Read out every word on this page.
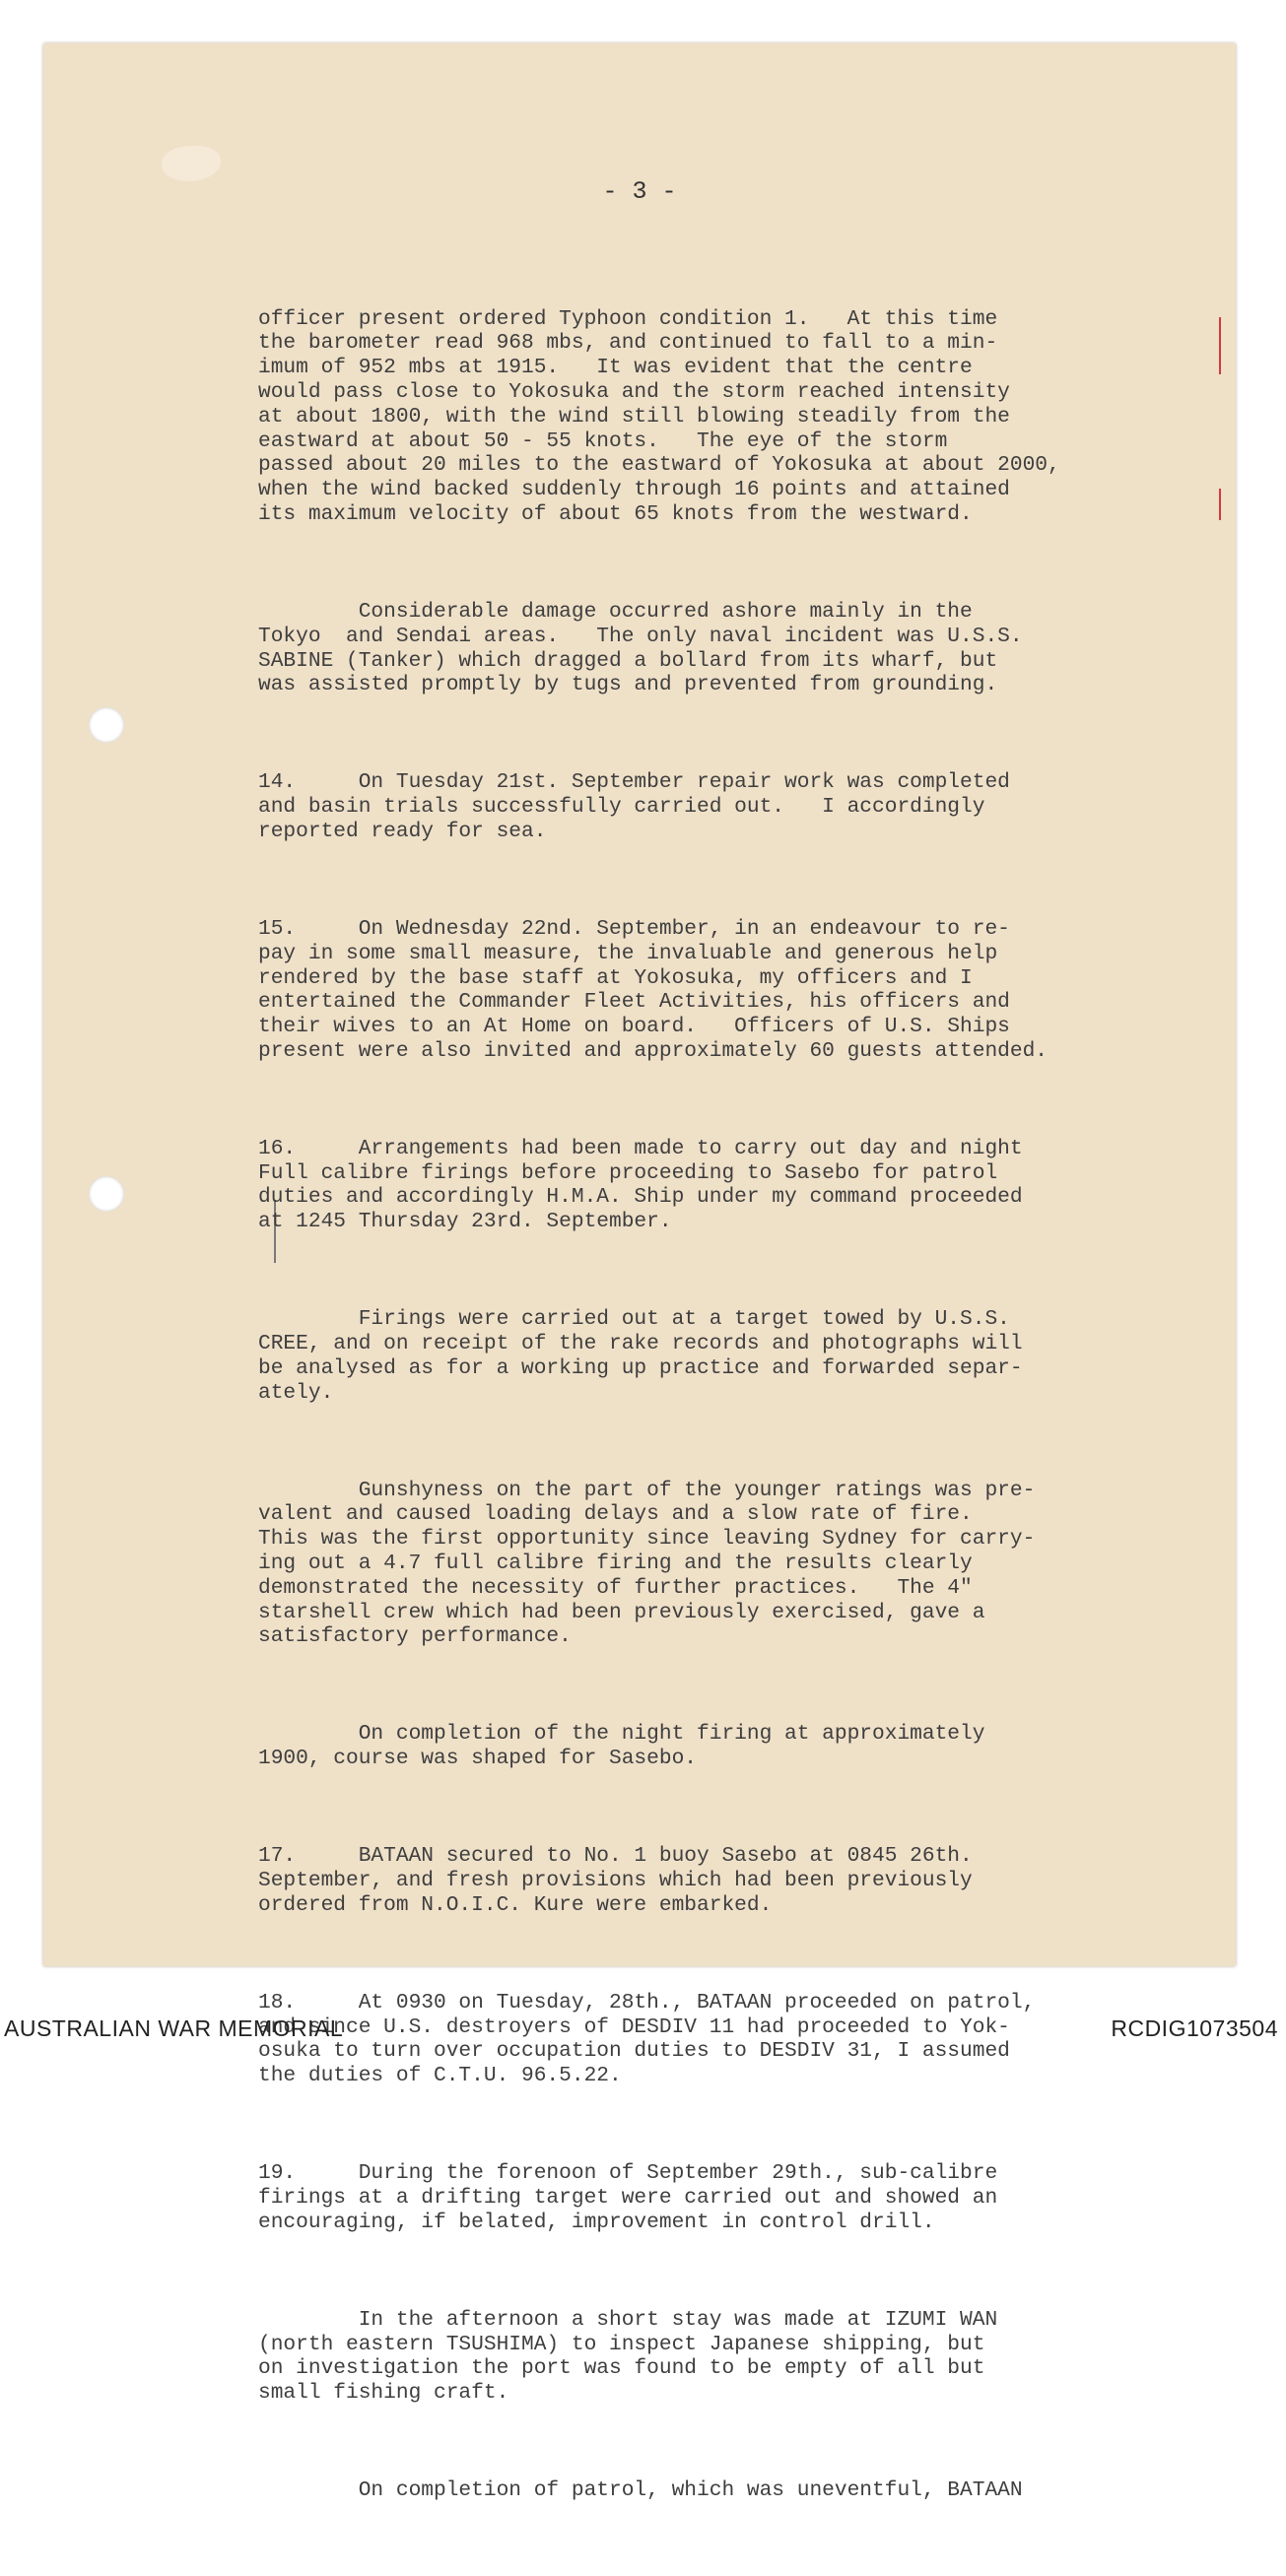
- 3 -

officer present ordered Typhoon condition 1.   At this time
the barometer read 968 mbs, and continued to fall to a min-
imum of 952 mbs at 1915.   It was evident that the centre
would pass close to Yokosuka and the storm reached intensity
at about 1800, with the wind still blowing steadily from the
eastward at about 50 - 55 knots.   The eye of the storm
passed about 20 miles to the eastward of Yokosuka at about 2000,
when the wind backed suddenly through 16 points and attained
its maximum velocity of about 65 knots from the westward.

Considerable damage occurred ashore mainly in the
Tokyo  and Sendai areas.   The only naval incident was U.S.S.
SABINE (Tanker) which dragged a bollard from its wharf, but
was assisted promptly by tugs and prevented from grounding.

14.     On Tuesday 21st. September repair work was completed
and basin trials successfully carried out.   I accordingly
reported ready for sea.

15.     On Wednesday 22nd. September, in an endeavour to re-
pay in some small measure, the invaluable and generous help
rendered by the base staff at Yokosuka, my officers and I
entertained the Commander Fleet Activities, his officers and
their wives to an At Home on board.   Officers of U.S. Ships
present were also invited and approximately 60 guests attended.

16.     Arrangements had been made to carry out day and night
Full calibre firings before proceeding to Sasebo for patrol
duties and accordingly H.M.A. Ship under my command proceeded
at 1245 Thursday 23rd. September.

Firings were carried out at a target towed by U.S.S.
CREE, and on receipt of the rake records and photographs will
be analysed as for a working up practice and forwarded separ-
ately.

Gunshyness on the part of the younger ratings was pre-
valent and caused loading delays and a slow rate of fire.
This was the first opportunity since leaving Sydney for carry-
ing out a 4.7 full calibre firing and the results clearly
demonstrated the necessity of further practices.   The 4"
starshell crew which had been previously exercised, gave a
satisfactory performance.

On completion of the night firing at approximately
1900, course was shaped for Sasebo.

17.     BATAAN secured to No. 1 buoy Sasebo at 0845 26th.
September, and fresh provisions which had been previously
ordered from N.O.I.C. Kure were embarked.

18.     At 0930 on Tuesday, 28th., BATAAN proceeded on patrol,
and since U.S. destroyers of DESDIV 11 had proceeded to Yok-
osuka to turn over occupation duties to DESDIV 31, I assumed
the duties of C.T.U. 96.5.22.

19.     During the forenoon of September 29th., sub-calibre
firings at a drifting target were carried out and showed an
encouraging, if belated, improvement in control drill.

In the afternoon a short stay was made at IZUMI WAN
(north eastern TSUSHIMA) to inspect Japanese shipping, but
on investigation the port was found to be empty of all but
small fishing craft.

On completion of patrol, which was uneventful, BATAAN

AUSTRALIAN WAR MEMORIAL	RCDIG1073504
